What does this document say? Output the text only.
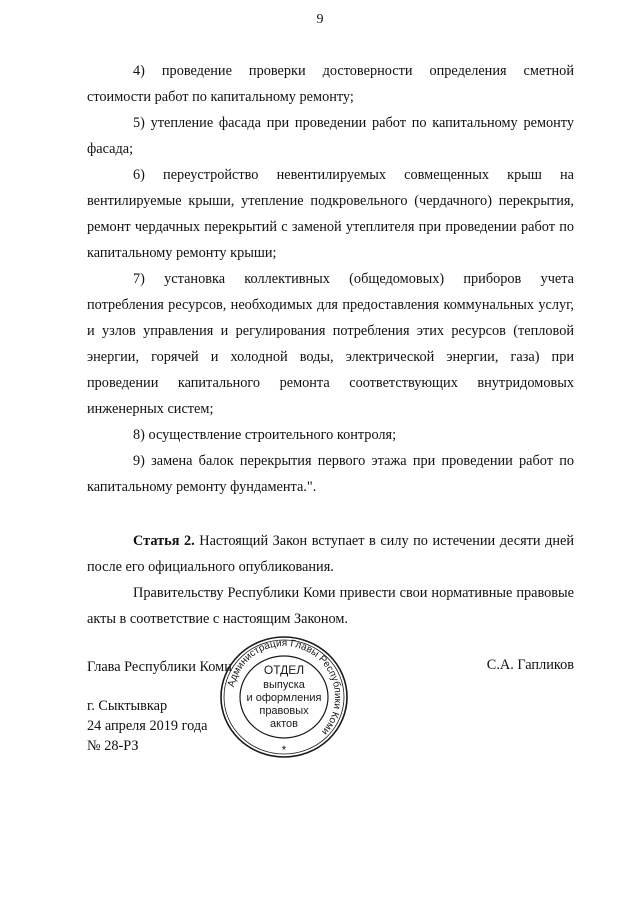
9

4) проведение проверки достоверности определения сметной стоимости работ по капитальному ремонту;

5) утепление фасада при проведении работ по капитальному ремонту фасада;

6) переустройство невентилируемых совмещенных крыш на вентилируемые крыши, утепление подкровельного (чердачного) перекрытия, ремонт чердачных перекрытий с заменой утеплителя при проведении работ по капитальному ремонту крыши;

7) установка коллективных (общедомовых) приборов учета потребления ресурсов, необходимых для предоставления коммунальных услуг, и узлов управления и регулирования потребления этих ресурсов (тепловой энергии, горячей и холодной воды, электрической энергии, газа) при проведении капитального ремонта соответствующих внутридомовых инженерных систем;

8) осуществление строительного контроля;

9) замена балок перекрытия первого этажа при проведении работ по капитальному ремонту фундамента.".

Статья 2. Настоящий Закон вступает в силу по истечении десяти дней после его официального опубликования.

Правительству Республики Коми привести свои нормативные правовые акты в соответствие с настоящим Законом.

Глава Республики Коми	С.А. Гапликов
г. Сыктывкар
24 апреля 2019 года
№ 28-РЗ
Администрация Главы Республики Коми
ОТДЕЛ
выпуска
и оформления
правовых
актов
*
